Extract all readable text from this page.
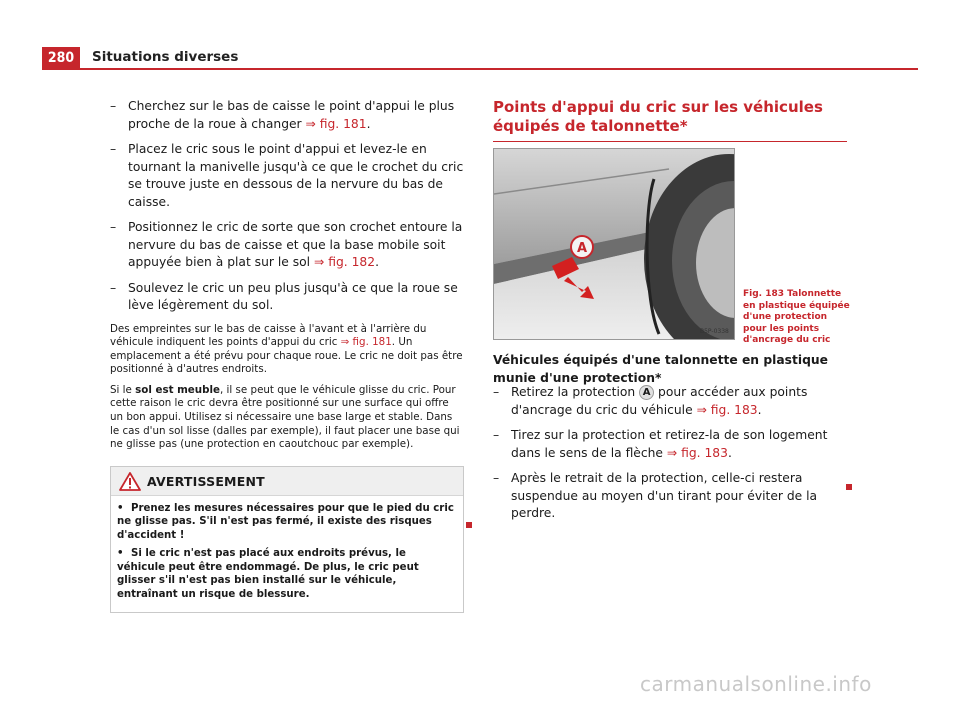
280	Situations diverses
– Cherchez sur le bas de caisse le point d'appui le plus proche de la roue à changer ⇒ fig. 181.
– Placez le cric sous le point d'appui et levez-le en tournant la manivelle jusqu'à ce que le crochet du cric se trouve juste en dessous de la nervure du bas de caisse.
– Positionnez le cric de sorte que son crochet entoure la nervure du bas de caisse et que la base mobile soit appuyée bien à plat sur le sol ⇒ fig. 182.
– Soulevez le cric un peu plus jusqu'à ce que la roue se lève légèrement du sol.

Des empreintes sur le bas de caisse à l'avant et à l'arrière du véhicule indiquent les points d'appui du cric ⇒ fig. 181. Un emplacement a été prévu pour chaque roue. Le cric ne doit pas être positionné à d'autres endroits.

Si le sol est meuble, il se peut que le véhicule glisse du cric. Pour cette raison le cric devra être positionné sur une surface qui offre un bon appui. Utilisez si nécessaire une base large et stable. Dans le cas d'un sol lisse (dalles par exemple), il faut placer une base qui ne glisse pas (une protection en caoutchouc par exemple).

AVERTISSEMENT
• Prenez les mesures nécessaires pour que le pied du cric ne glisse pas. S'il n'est pas fermé, il existe des risques d'accident !
• Si le cric n'est pas placé aux endroits prévus, le véhicule peut être endommagé. De plus, le cric peut glisser s'il n'est pas bien installé sur le véhicule, entraînant un risque de blessure.
Points d'appui du cric sur les véhicules équipés de talonnette*
A
B5P-0338
Fig. 183 Talonnette en plastique équipée d'une protection pour les points d'ancrage du cric
Véhicules équipés d'une talonnette en plastique munie d'une protection*
– Retirez la protection A pour accéder aux points d'ancrage du cric du véhicule ⇒ fig. 183.
– Tirez sur la protection et retirez-la de son logement dans le sens de la flèche ⇒ fig. 183.
– Après le retrait de la protection, celle-ci restera suspendue au moyen d'un tirant pour éviter de la perdre.
carmanualsonline.info
